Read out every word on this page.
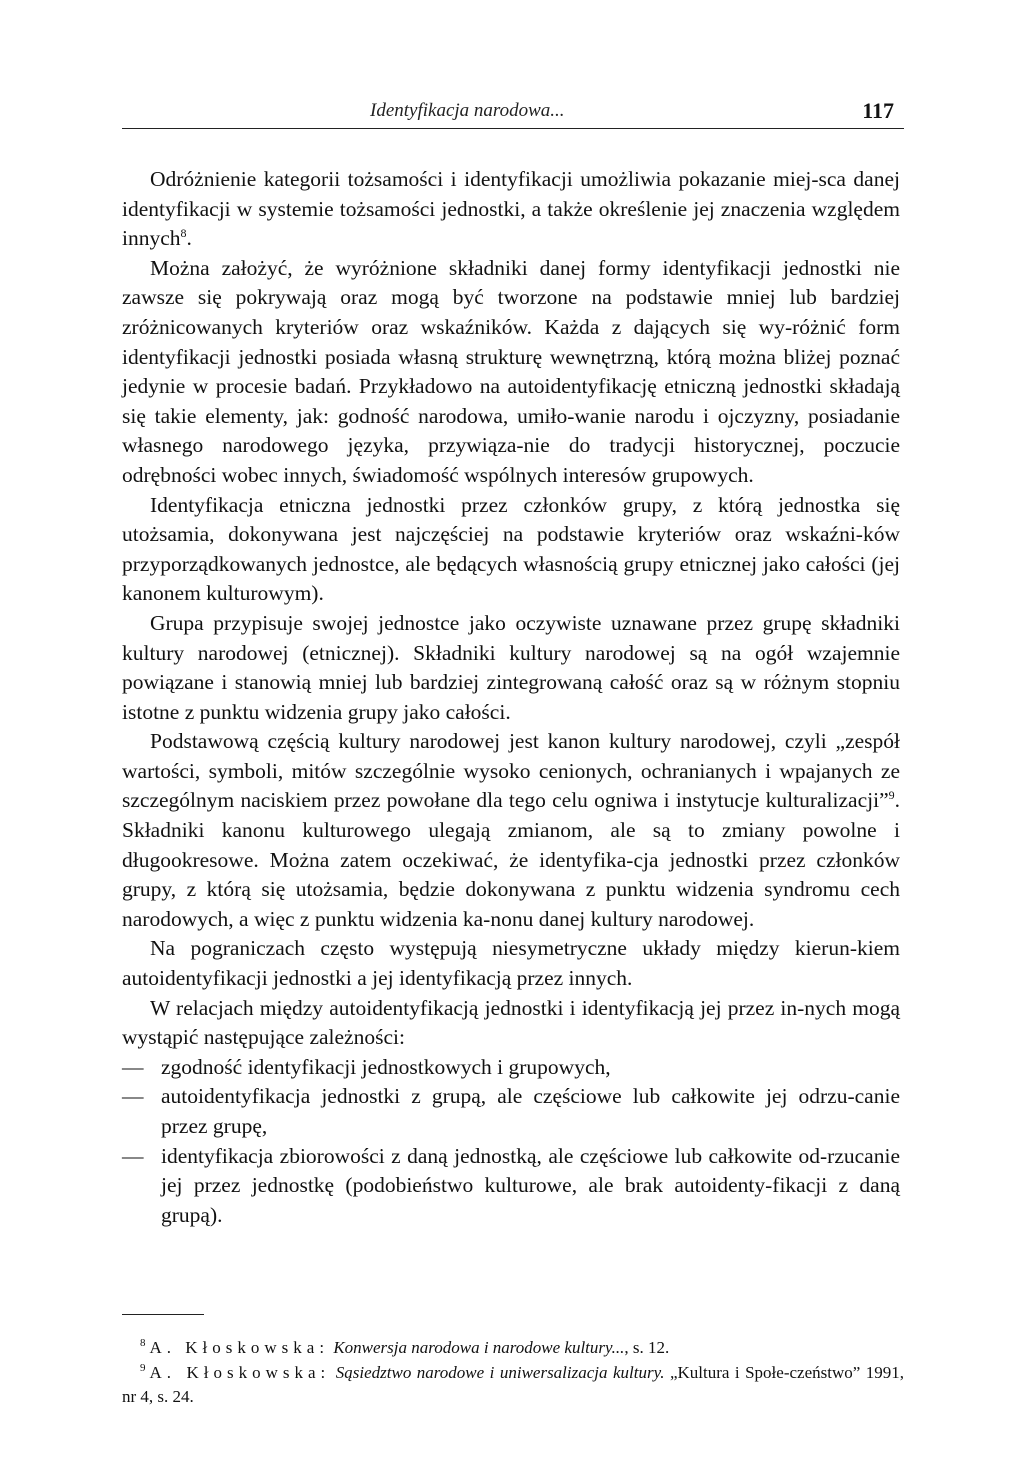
Identyfikacja narodowa...	117

Odróżnienie kategorii tożsamości i identyfikacji umożliwia pokazanie miej-sca danej identyfikacji w systemie tożsamości jednostki, a także określenie jej znaczenia względem innych$^8$.

Można założyć, że wyróżnione składniki danej formy identyfikacji jednostki nie zawsze się pokrywają oraz mogą być tworzone na podstawie mniej lub bardziej zróżnicowanych kryteriów oraz wskaźników. Każda z dających się wy-różnić form identyfikacji jednostki posiada własną strukturę wewnętrzną, którą można bliżej poznać jedynie w procesie badań. Przykładowo na autoidentyfikację etniczną jednostki składają się takie elementy, jak: godność narodowa, umiło-wanie narodu i ojczyzny, posiadanie własnego narodowego języka, przywiąza-nie do tradycji historycznej, poczucie odrębności wobec innych, świadomość wspólnych interesów grupowych.

Identyfikacja etniczna jednostki przez członków grupy, z którą jednostka się utożsamia, dokonywana jest najczęściej na podstawie kryteriów oraz wskaźni-ków przyporządkowanych jednostce, ale będących własnością grupy etnicznej jako całości (jej kanonem kulturowym).

Grupa przypisuje swojej jednostce jako oczywiste uznawane przez grupę składniki kultury narodowej (etnicznej). Składniki kultury narodowej są na ogół wzajemnie powiązane i stanowią mniej lub bardziej zintegrowaną całość oraz są w różnym stopniu istotne z punktu widzenia grupy jako całości.

Podstawową częścią kultury narodowej jest kanon kultury narodowej, czyli „zespół wartości, symboli, mitów szczególnie wysoko cenionych, ochranianych i wpajanych ze szczególnym naciskiem przez powołane dla tego celu ogniwa i instytucje kulturalizacji”$^9$. Składniki kanonu kulturowego ulegają zmianom, ale są to zmiany powolne i długookresowe. Można zatem oczekiwać, że identyfika-cja jednostki przez członków grupy, z którą się utożsamia, będzie dokonywana z punktu widzenia syndromu cech narodowych, a więc z punktu widzenia ka-nonu danej kultury narodowej.

Na pograniczach często występują niesymetryczne układy między kierun-kiem autoidentyfikacji jednostki a jej identyfikacją przez innych.

W relacjach między autoidentyfikacją jednostki i identyfikacją jej przez in-nych mogą wystąpić następujące zależności:

— zgodność identyfikacji jednostkowych i grupowych,
— autoidentyfikacja jednostki z grupą, ale częściowe lub całkowite jej odrzu-canie przez grupę,
— identyfikacja zbiorowości z daną jednostką, ale częściowe lub całkowite od-rzucanie jej przez jednostkę (podobieństwo kulturowe, ale brak autoidenty-fikacji z daną grupą).

$^8$ A. Kłoskowska: Konwersja narodowa i narodowe kultury..., s. 12.

$^9$ A. Kłoskowska: Sąsiedztwo narodowe i uniwersalizacja kultury. „Kultura i Społe-czeństwo” 1991, nr 4, s. 24.
